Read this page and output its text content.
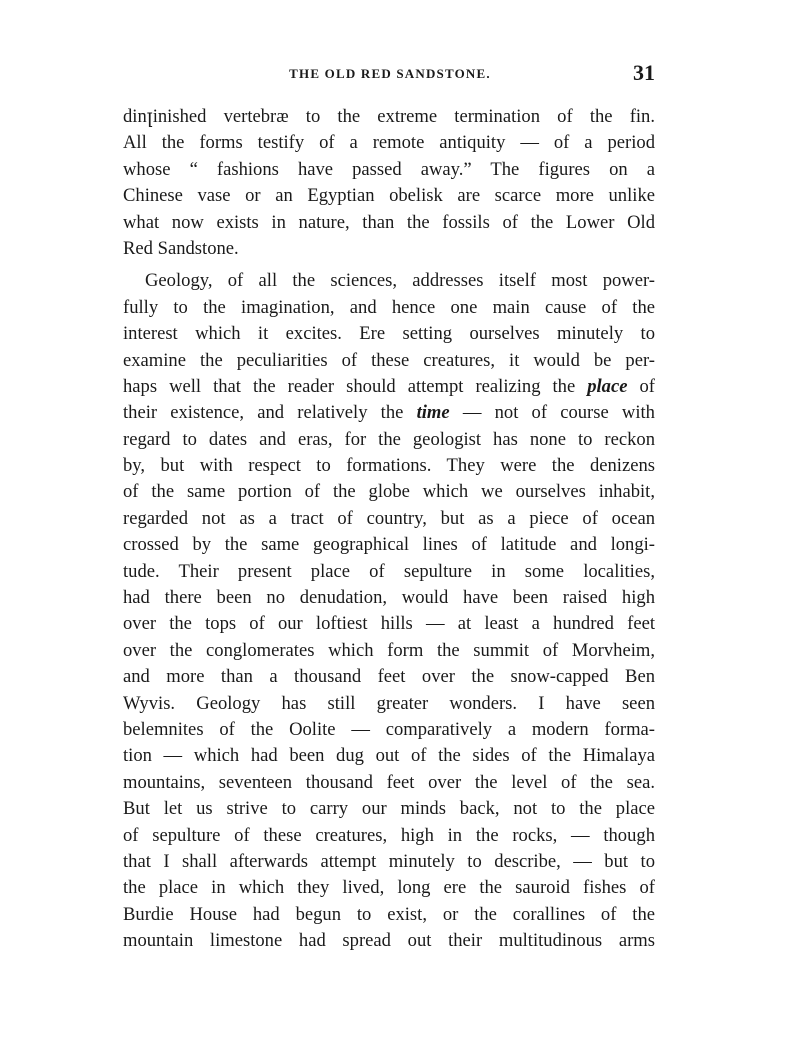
THE OLD RED SANDSTONE.	31
dinꞁinished vertebræ to the extreme termination of the fin.
All the forms testify of a remote antiquity — of a period
whose “ fashions have passed away.” The figures on a
Chinese vase or an Egyptian obelisk are scarce more unlike
what now exists in nature, than the fossils of the Lower Old
Red Sandstone.
Geology, of all the sciences, addresses itself most power-
fully to the imagination, and hence one main cause of the
interest which it excites. Ere setting ourselves minutely to
examine the peculiarities of these creatures, it would be per-
haps well that the reader should attempt realizing the place of
their existence, and relatively the time — not of course with
regard to dates and eras, for the geologist has none to reckon
by, but with respect to formations. They were the denizens
of the same portion of the globe which we ourselves inhabit,
regarded not as a tract of country, but as a piece of ocean
crossed by the same geographical lines of latitude and longi-
tude. Their present place of sepulture in some localities,
had there been no denudation, would have been raised high
over the tops of our loftiest hills — at least a hundred feet
over the conglomerates which form the summit of Morvheim,
and more than a thousand feet over the snow-capped Ben
Wyvis. Geology has still greater wonders. I have seen
belemnites of the Oolite — comparatively a modern forma-
tion — which had been dug out of the sides of the Himalaya
mountains, seventeen thousand feet over the level of the sea.
But let us strive to carry our minds back, not to the place
of sepulture of these creatures, high in the rocks, — though
that I shall afterwards attempt minutely to describe, — but to
the place in which they lived, long ere the sauroid fishes of
Burdie House had begun to exist, or the corallines of the
mountain limestone had spread out their multitudinous arms
